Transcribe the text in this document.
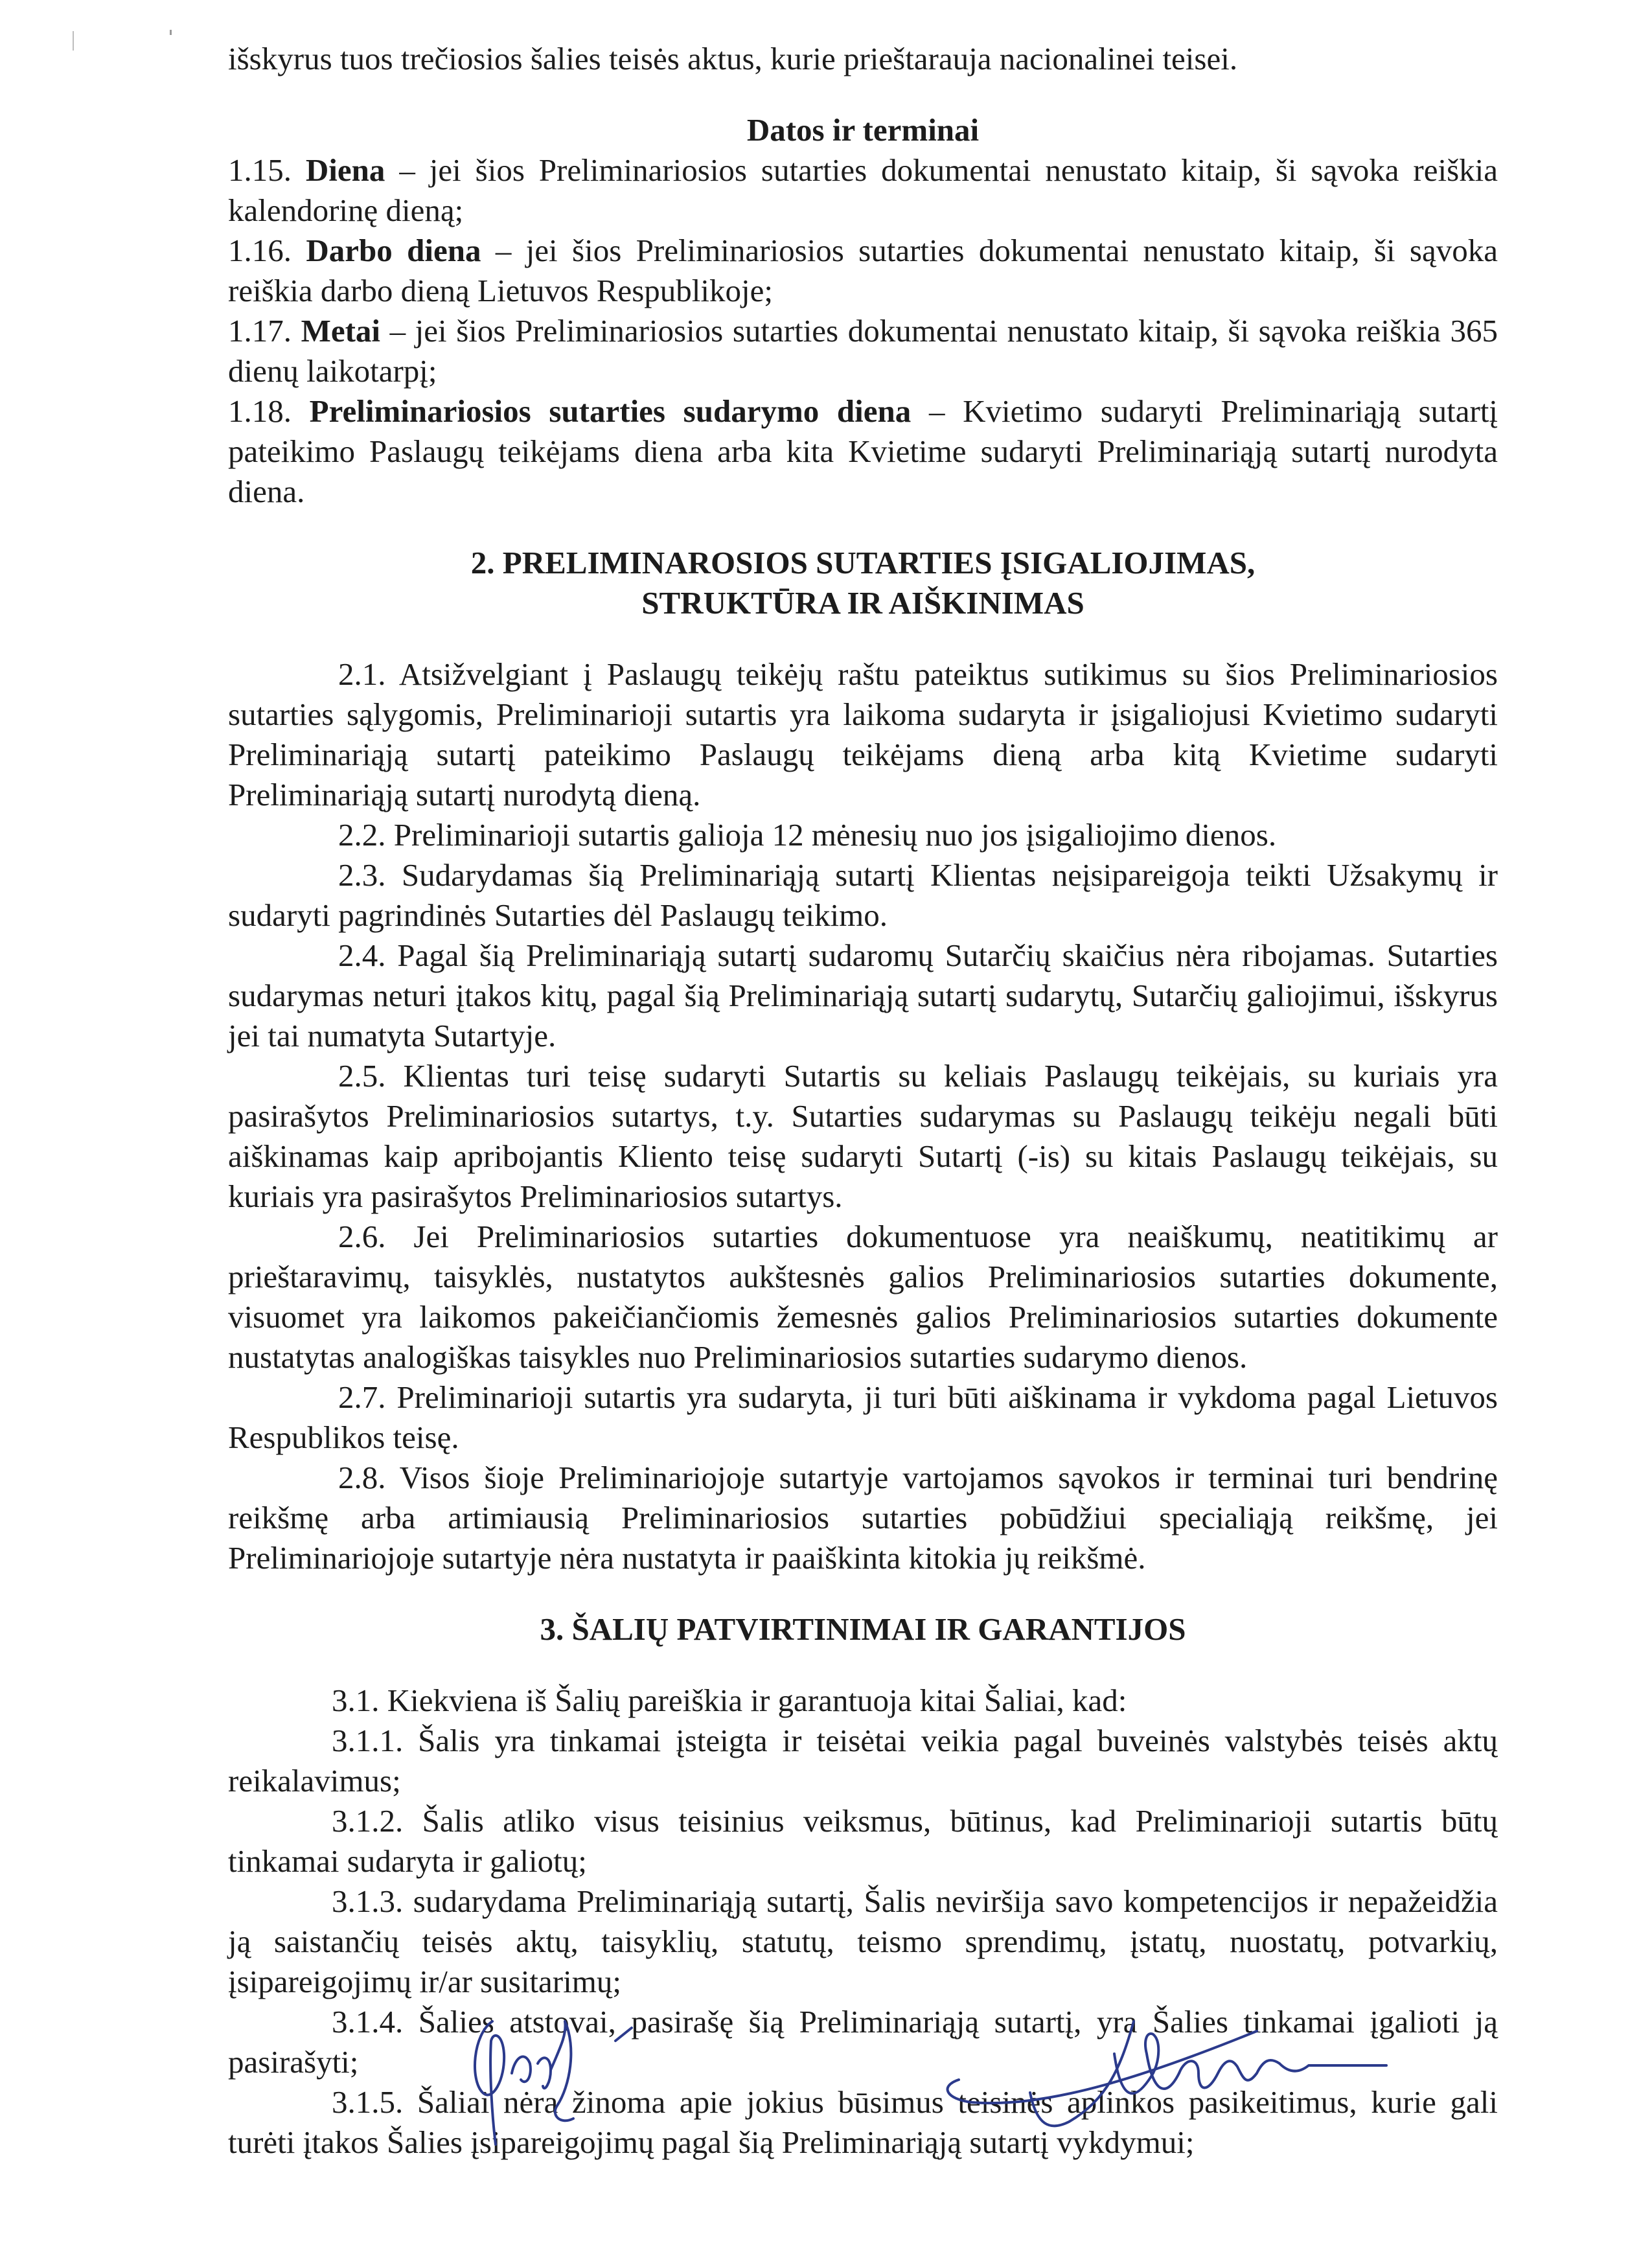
išskyrus tuos trečiosios šalies teisės aktus, kurie prieštarauja nacionalinei teisei.

Datos ir terminai

1.15. Diena – jei šios Preliminariosios sutarties dokumentai nenustato kitaip, ši sąvoka reiškia kalendorinę dieną;

1.16. Darbo diena – jei šios Preliminariosios sutarties dokumentai nenustato kitaip, ši sąvoka reiškia darbo dieną Lietuvos Respublikoje;

1.17. Metai – jei šios Preliminariosios sutarties dokumentai nenustato kitaip, ši sąvoka reiškia 365 dienų laikotarpį;

1.18. Preliminariosios sutarties sudarymo diena – Kvietimo sudaryti Preliminariąją sutartį pateikimo Paslaugų teikėjams diena arba kita Kvietime sudaryti Preliminariąją sutartį nurodyta diena.

2. PRELIMINAROSIOS SUTARTIES ĮSIGALIOJIMAS, STRUKTŪRA IR AIŠKINIMAS

2.1. Atsižvelgiant į Paslaugų teikėjų raštu pateiktus sutikimus su šios Preliminariosios sutarties sąlygomis, Preliminarioji sutartis yra laikoma sudaryta ir įsigaliojusi Kvietimo sudaryti Preliminariąją sutartį pateikimo Paslaugų teikėjams dieną arba kitą Kvietime sudaryti Preliminariąją sutartį nurodytą dieną.

2.2. Preliminarioji sutartis galioja 12 mėnesių nuo jos įsigaliojimo dienos.

2.3. Sudarydamas šią Preliminariąją sutartį Klientas neįsipareigoja teikti Užsakymų ir sudaryti pagrindinės Sutarties dėl Paslaugų teikimo.

2.4. Pagal šią Preliminariąją sutartį sudaromų Sutarčių skaičius nėra ribojamas. Sutarties sudarymas neturi įtakos kitų, pagal šią Preliminariąją sutartį sudarytų, Sutarčių galiojimui, išskyrus jei tai numatyta Sutartyje.

2.5. Klientas turi teisę sudaryti Sutartis su keliais Paslaugų teikėjais, su kuriais yra pasirašytos Preliminariosios sutartys, t.y. Sutarties sudarymas su Paslaugų teikėju negali būti aiškinamas kaip apribojantis Kliento teisę sudaryti Sutartį (-is) su kitais Paslaugų teikėjais, su kuriais yra pasirašytos Preliminariosios sutartys.

2.6. Jei Preliminariosios sutarties dokumentuose yra neaiškumų, neatitikimų ar prieštaravimų, taisyklės, nustatytos aukštesnės galios Preliminariosios sutarties dokumente, visuomet yra laikomos pakeičiančiomis žemesnės galios Preliminariosios sutarties dokumente nustatytas analogiškas taisykles nuo Preliminariosios sutarties sudarymo dienos.

2.7. Preliminarioji sutartis yra sudaryta, ji turi būti aiškinama ir vykdoma pagal Lietuvos Respublikos teisę.

2.8. Visos šioje Preliminariojoje sutartyje vartojamos sąvokos ir terminai turi bendrinę reikšmę arba artimiausią Preliminariosios sutarties pobūdžiui specialiąją reikšmę, jei Preliminariojoje sutartyje nėra nustatyta ir paaiškinta kitokia jų reikšmė.

3. ŠALIŲ PATVIRTINIMAI IR GARANTIJOS

3.1. Kiekviena iš Šalių pareiškia ir garantuoja kitai Šaliai, kad:

3.1.1. Šalis yra tinkamai įsteigta ir teisėtai veikia pagal buveinės valstybės teisės aktų reikalavimus;

3.1.2. Šalis atliko visus teisinius veiksmus, būtinus, kad Preliminarioji sutartis būtų tinkamai sudaryta ir galiotų;

3.1.3. sudarydama Preliminariąją sutartį, Šalis neviršija savo kompetencijos ir nepažeidžia ją saistančių teisės aktų, taisyklių, statutų, teismo sprendimų, įstatų, nuostatų, potvarkių, įsipareigojimų ir/ar susitarimų;

3.1.4. Šalies atstovai, pasirašę šią Preliminariąją sutartį, yra Šalies tinkamai įgalioti ją pasirašyti;

3.1.5. Šaliai nėra žinoma apie jokius būsimus teisinės aplinkos pasikeitimus, kurie gali turėti įtakos Šalies įsipareigojimų pagal šią Preliminariąją sutartį vykdymui;
